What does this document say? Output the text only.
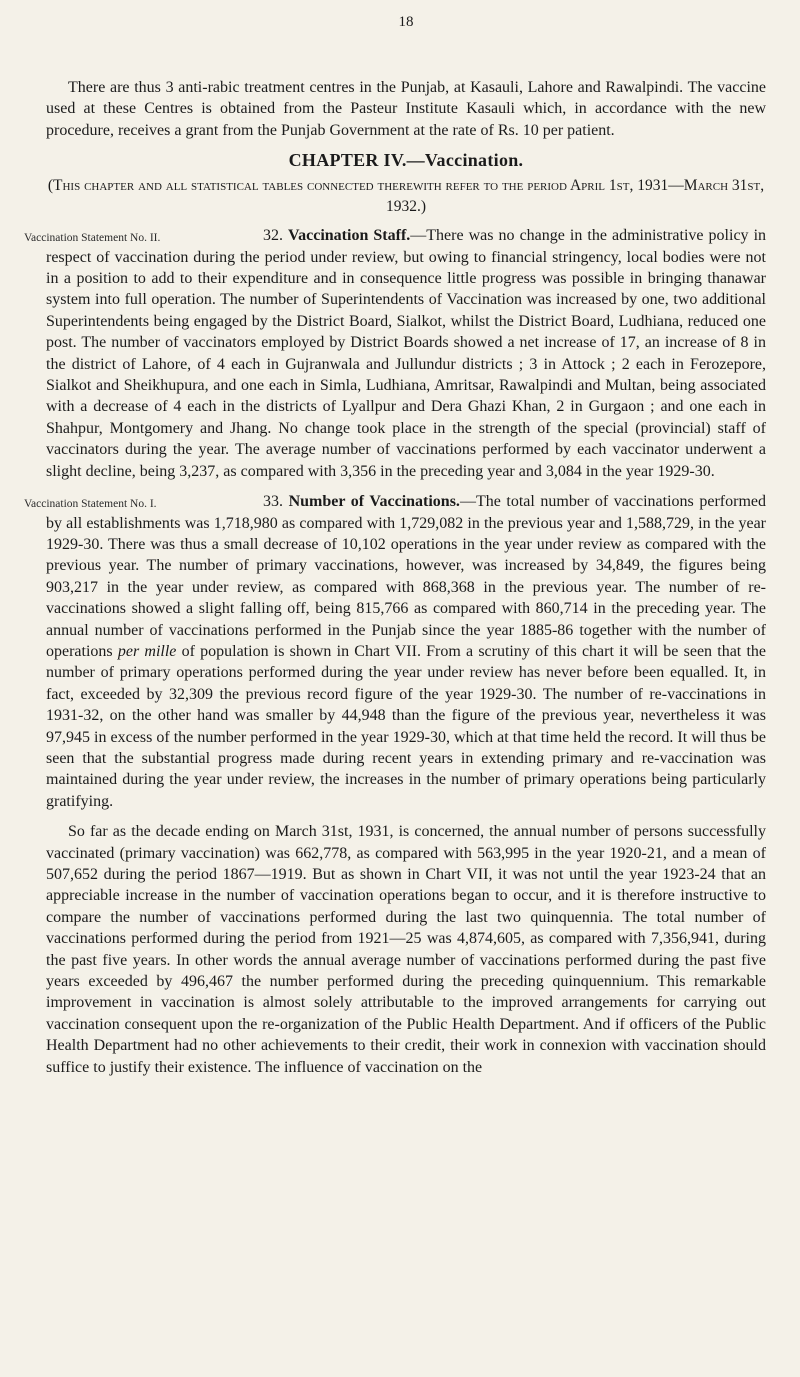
18

There are thus 3 anti-rabic treatment centres in the Punjab, at Kasauli, Lahore and Rawalpindi. The vaccine used at these Centres is obtained from the Pasteur Institute Kasauli which, in accordance with the new procedure, receives a grant from the Punjab Government at the rate of Rs. 10 per patient.

CHAPTER IV.—Vaccination.
(This chapter and all statistical tables connected therewith refer to the period April 1st, 1931—March 31st, 1932.)

Vaccination Statement No. II.	32. Vaccination Staff.—There was no change in the administrative policy in respect of vaccination during the period under review, but owing to financial stringency, local bodies were not in a position to add to their expenditure and in consequence little progress was possible in bringing thanawar system into full operation. The number of Superintendents of Vaccination was increased by one, two additional Superintendents being engaged by the District Board, Sialkot, whilst the District Board, Ludhiana, reduced one post. The number of vaccinators employed by District Boards showed a net increase of 17, an increase of 8 in the district of Lahore, of 4 each in Gujranwala and Jullundur districts ; 3 in Attock ; 2 each in Ferozepore, Sialkot and Sheikhupura, and one each in Simla, Ludhiana, Amritsar, Rawalpindi and Multan, being associated with a decrease of 4 each in the districts of Lyallpur and Dera Ghazi Khan, 2 in Gurgaon ; and one each in Shahpur, Montgomery and Jhang. No change took place in the strength of the special (provincial) staff of vaccinators during the year. The average number of vaccinations performed by each vaccinator underwent a slight decline, being 3,237, as compared with 3,356 in the preceding year and 3,084 in the year 1929-30.

Vaccination Statement No. I.	33. Number of Vaccinations.—The total number of vaccinations performed by all establishments was 1,718,980 as compared with 1,729,082 in the previous year and 1,588,729, in the year 1929-30. There was thus a small decrease of 10,102 operations in the year under review as compared with the previous year. The number of primary vaccinations, however, was increased by 34,849, the figures being 903,217 in the year under review, as compared with 868,368 in the previous year. The number of re-vaccinations showed a slight falling off, being 815,766 as compared with 860,714 in the preceding year. The annual number of vaccinations performed in the Punjab since the year 1885-86 together with the number of operations per mille of population is shown in Chart VII. From a scrutiny of this chart it will be seen that the number of primary operations performed during the year under review has never before been equalled. It, in fact, exceeded by 32,309 the previous record figure of the year 1929-30. The number of re-vaccinations in 1931-32, on the other hand was smaller by 44,948 than the figure of the previous year, nevertheless it was 97,945 in excess of the number performed in the year 1929-30, which at that time held the record. It will thus be seen that the substantial progress made during recent years in extending primary and re-vaccination was maintained during the year under review, the increases in the number of primary operations being particularly gratifying.

So far as the decade ending on March 31st, 1931, is concerned, the annual number of persons successfully vaccinated (primary vaccination) was 662,778, as compared with 563,995 in the year 1920-21, and a mean of 507,652 during the period 1867—1919. But as shown in Chart VII, it was not until the year 1923-24 that an appreciable increase in the number of vaccination operations began to occur, and it is therefore instructive to compare the number of vaccinations performed during the last two quinquennia. The total number of vaccinations performed during the period from 1921—25 was 4,874,605, as compared with 7,356,941, during the past five years. In other words the annual average number of vaccinations performed during the past five years exceeded by 496,467 the number performed during the preceding quinquennium. This remarkable improvement in vaccination is almost solely attributable to the improved arrangements for carrying out vaccination consequent upon the re-organization of the Public Health Department. And if officers of the Public Health Department had no other achievements to their credit, their work in connexion with vaccination should suffice to justify their existence. The influence of vaccination on the
